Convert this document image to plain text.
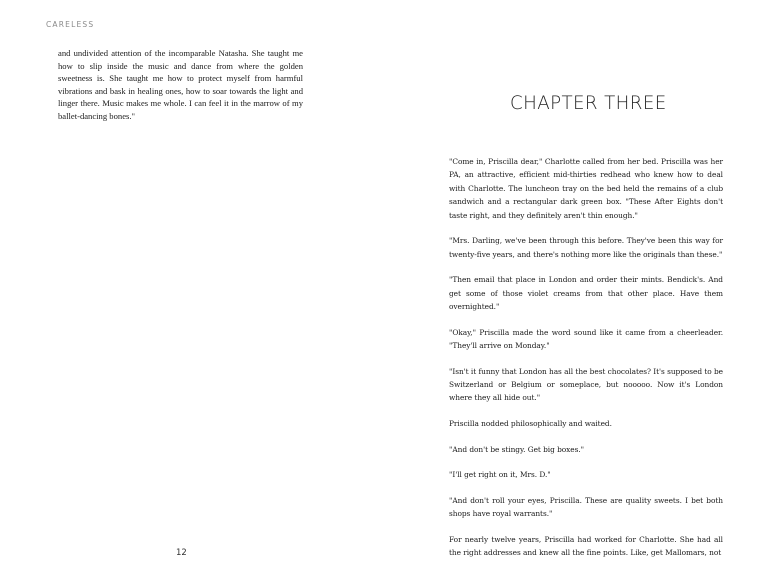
CARELESS

and undivided attention of the incomparable Natasha. She taught me how to slip inside the music and dance from where the golden sweetness is. She taught me how to protect myself from harmful vibrations and bask in healing ones, how to soar towards the light and linger there. Music makes me whole. I can feel it in the marrow of my ballet-dancing bones."

12

CHAPTER THREE

"Come in, Priscilla dear," Charlotte called from her bed. Priscilla was her PA, an attractive, efficient mid-thirties redhead who knew how to deal with Charlotte. The luncheon tray on the bed held the remains of a club sandwich and a rectangular dark green box. "These After Eights don't taste right, and they definitely aren't thin enough."

"Mrs. Darling, we've been through this before. They've been this way for twenty-five years, and there's nothing more like the originals than these."

"Then email that place in London and order their mints. Bendick's. And get some of those violet creams from that other place. Have them overnighted."

"Okay," Priscilla made the word sound like it came from a cheerleader. "They'll arrive on Monday."

"Isn't it funny that London has all the best chocolates? It's supposed to be Switzerland or Belgium or someplace, but nooooo. Now it's London where they all hide out."

Priscilla nodded philosophically and waited.

"And don't be stingy. Get big boxes."

"I'll get right on it, Mrs. D."

"And don't roll your eyes, Priscilla. These are quality sweets. I bet both shops have royal warrants."

For nearly twelve years, Priscilla had worked for Charlotte. She had all the right addresses and knew all the fine points. Like, get Mallomars, not
